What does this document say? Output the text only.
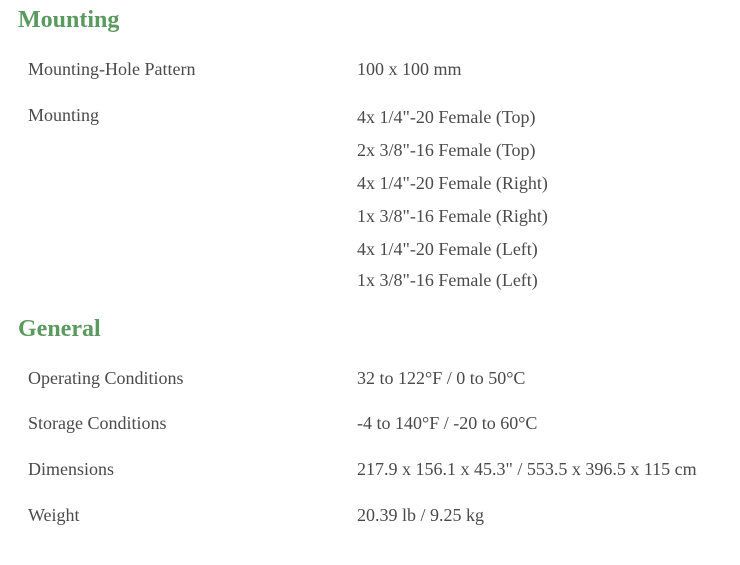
Mounting
Mounting-Hole Pattern	100 x 100 mm
Mounting	4x 1/4"-20 Female (Top)
2x 3/8"-16 Female (Top)
4x 1/4"-20 Female (Right)
1x 3/8"-16 Female (Right)
4x 1/4"-20 Female (Left)
1x 3/8"-16 Female (Left)
General
Operating Conditions	32 to 122°F / 0 to 50°C
Storage Conditions	-4 to 140°F / -20 to 60°C
Dimensions	217.9 x 156.1 x 45.3" / 553.5 x 396.5 x 115 cm
Weight	20.39 lb / 9.25 kg
